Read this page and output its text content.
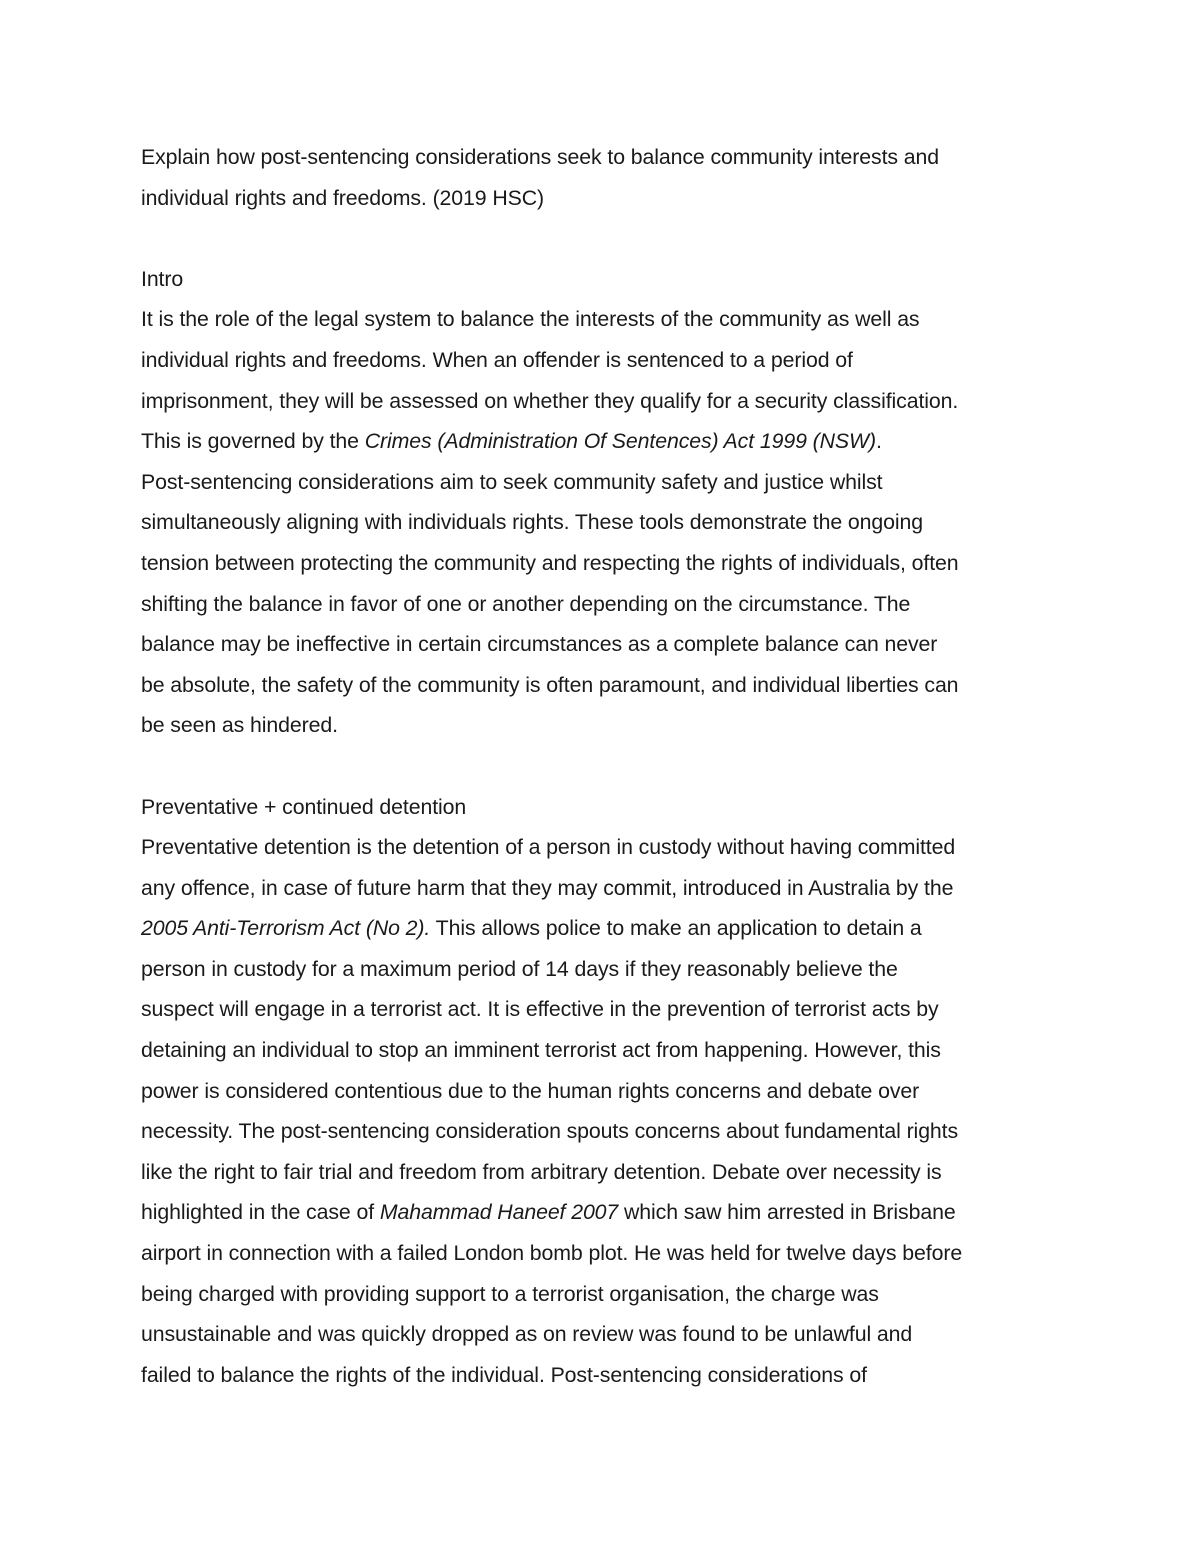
Explain how post-sentencing considerations seek to balance community interests and
individual rights and freedoms. (2019 HSC)
Intro
It is the role of the legal system to balance the interests of the community as well as
individual rights and freedoms. When an offender is sentenced to a period of
imprisonment, they will be assessed on whether they qualify for a security classification.
This is governed by the Crimes (Administration Of Sentences) Act 1999 (NSW).
Post-sentencing considerations aim to seek community safety and justice whilst
simultaneously aligning with individuals rights. These tools demonstrate the ongoing
tension between protecting the community and respecting the rights of individuals, often
shifting the balance in favor of one or another depending on the circumstance. The
balance may be ineffective in certain circumstances as a complete balance can never
be absolute, the safety of the community is often paramount, and individual liberties can
be seen as hindered.
Preventative + continued detention
Preventative detention is the detention of a person in custody without having committed
any offence, in case of future harm that they may commit, introduced in Australia by the
2005 Anti-Terrorism Act (No 2). This allows police to make an application to detain a
person in custody for a maximum period of 14 days if they reasonably believe the
suspect will engage in a terrorist act. It is effective in the prevention of terrorist acts by
detaining an individual to stop an imminent terrorist act from happening. However, this
power is considered contentious due to the human rights concerns and debate over
necessity. The post-sentencing consideration spouts concerns about fundamental rights
like the right to fair trial and freedom from arbitrary detention. Debate over necessity is
highlighted in the case of Mahammad Haneef 2007 which saw him arrested in Brisbane
airport in connection with a failed London bomb plot. He was held for twelve days before
being charged with providing support to a terrorist organisation, the charge was
unsustainable and was quickly dropped as on review was found to be unlawful and
failed to balance the rights of the individual. Post-sentencing considerations of
